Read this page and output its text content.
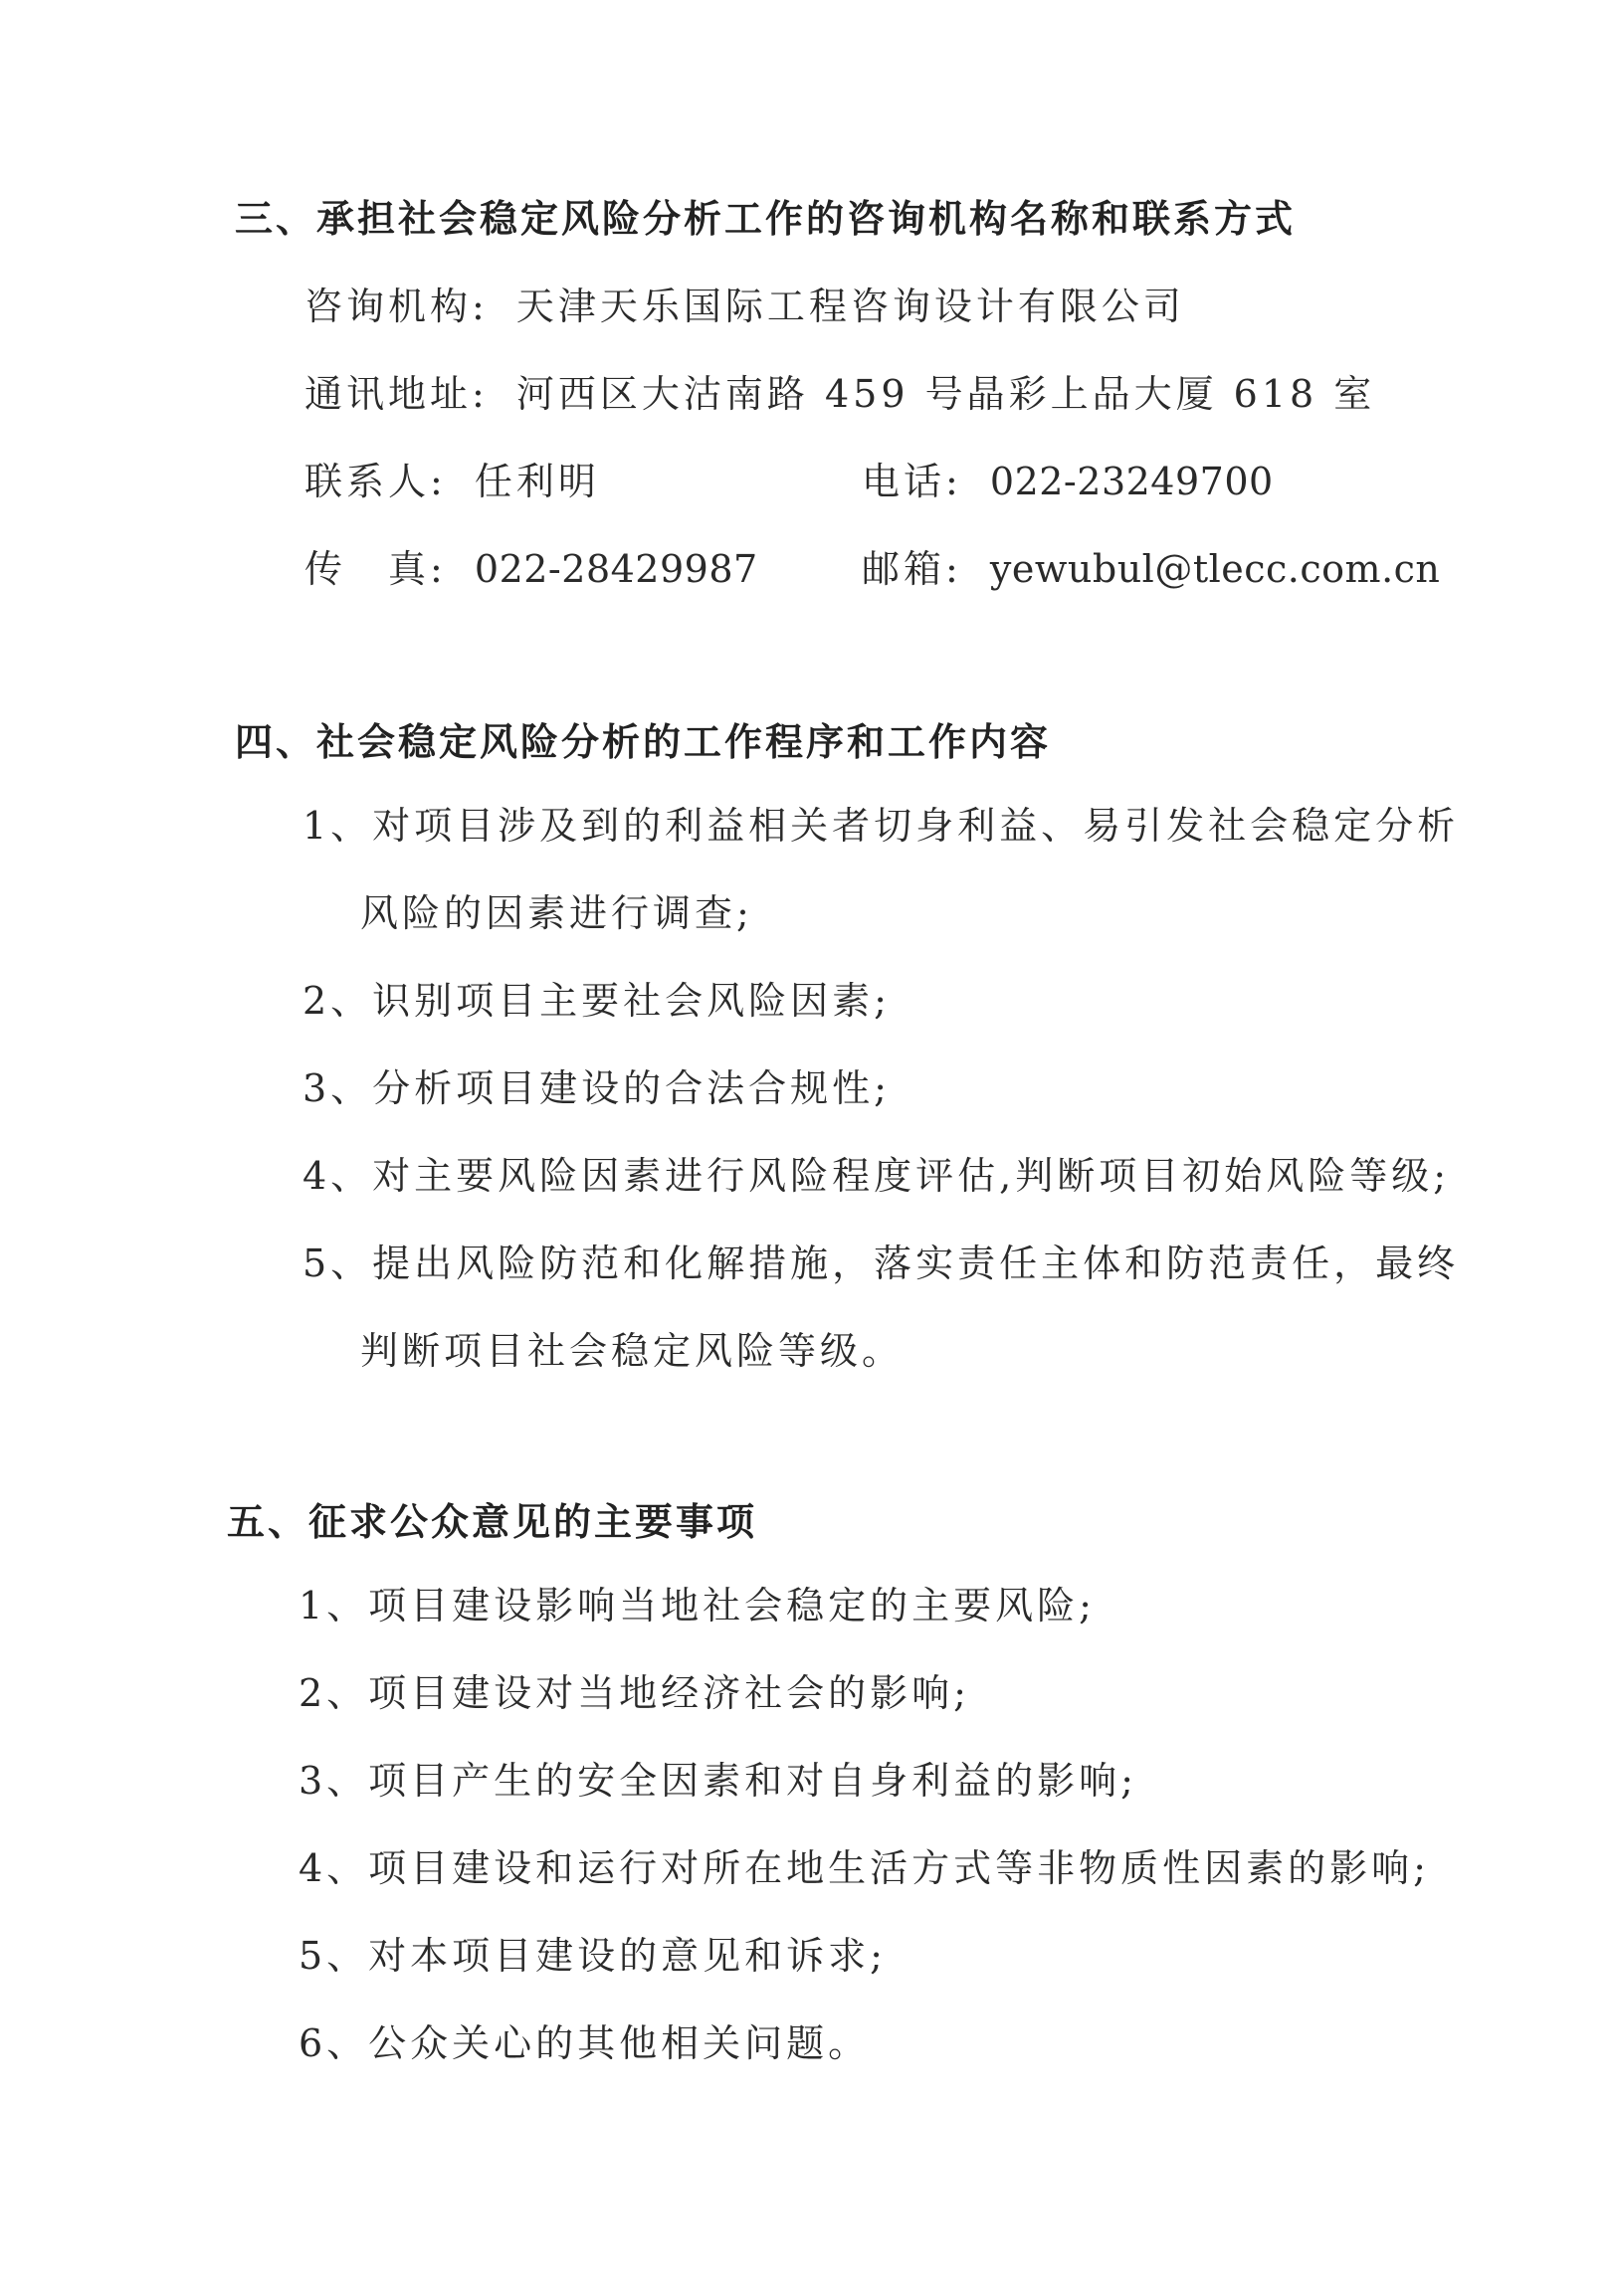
三、承担社会稳定风险分析工作的咨询机构名称和联系方式
咨询机构: 天津天乐国际工程咨询设计有限公司
通讯地址: 河西区大沽南路 459 号晶彩上品大厦 618 室
联系人: 任利明	电话: 022-23249700
传　真: 022-28429987	邮箱: yewubul@tlecc.com.cn
四、社会稳定风险分析的工作程序和工作内容
1、对项目涉及到的利益相关者切身利益、易引发社会稳定分析
风险的因素进行调查;
2、识别项目主要社会风险因素;
3、分析项目建设的合法合规性;
4、对主要风险因素进行风险程度评估,判断项目初始风险等级;
5、提出风险防范和化解措施，落实责任主体和防范责任，最终
判断项目社会稳定风险等级。
五、征求公众意见的主要事项
1、项目建设影响当地社会稳定的主要风险;
2、项目建设对当地经济社会的影响;
3、项目产生的安全因素和对自身利益的影响;
4、项目建设和运行对所在地生活方式等非物质性因素的影响;
5、对本项目建设的意见和诉求;
6、公众关心的其他相关问题。
